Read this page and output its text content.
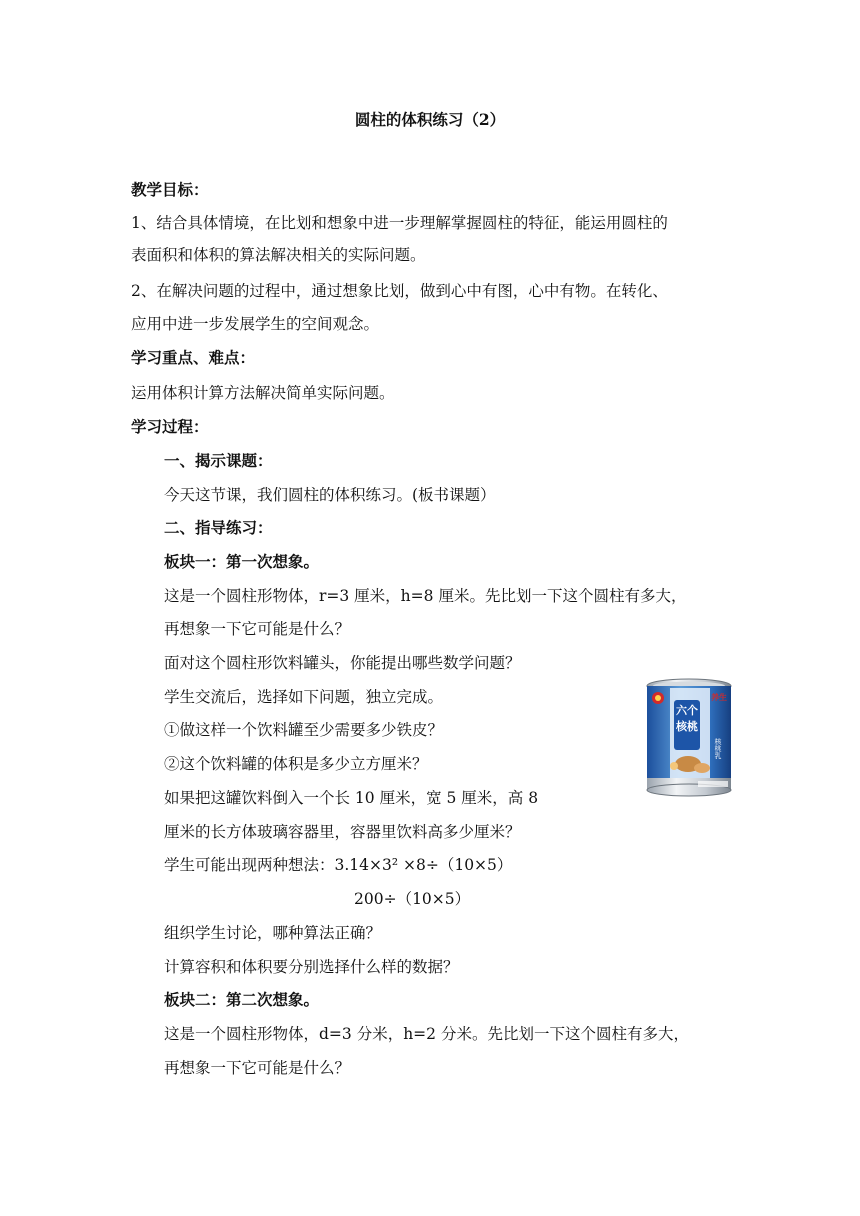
圆柱的体积练习（2）
教学目标：
1、结合具体情境，在比划和想象中进一步理解掌握圆柱的特征，能运用圆柱的
表面积和体积的算法解决相关的实际问题。
2、在解决问题的过程中，通过想象比划，做到心中有图，心中有物。在转化、
应用中进一步发展学生的空间观念。
学习重点、难点：
运用体积计算方法解决简单实际问题。
学习过程：
一、揭示课题：
今天这节课，我们圆柱的体积练习。(板书课题）
二、指导练习：
板块一：第一次想象。
这是一个圆柱形物体，r=3 厘米，h=8 厘米。先比划一下这个圆柱有多大，
再想象一下它可能是什么？
面对这个圆柱形饮料罐头，你能提出哪些数学问题？
学生交流后，选择如下问题，独立完成。
①做这样一个饮料罐至少需要多少铁皮？
②这个饮料罐的体积是多少立方厘米？
如果把这罐饮料倒入一个长 10 厘米，宽 5 厘米，高 8
厘米的长方体玻璃容器里，容器里饮料高多少厘米？
学生可能出现两种想法：3.14×3² ×8÷（10×5）
200÷（10×5）
组织学生讨论，哪种算法正确？
计算容积和体积要分别选择什么样的数据？
板块二：第二次想象。
这是一个圆柱形物体，d=3 分米，h=2 分米。先比划一下这个圆柱有多大，
再想象一下它可能是什么？
六个
核桃
养生
核桃乳
